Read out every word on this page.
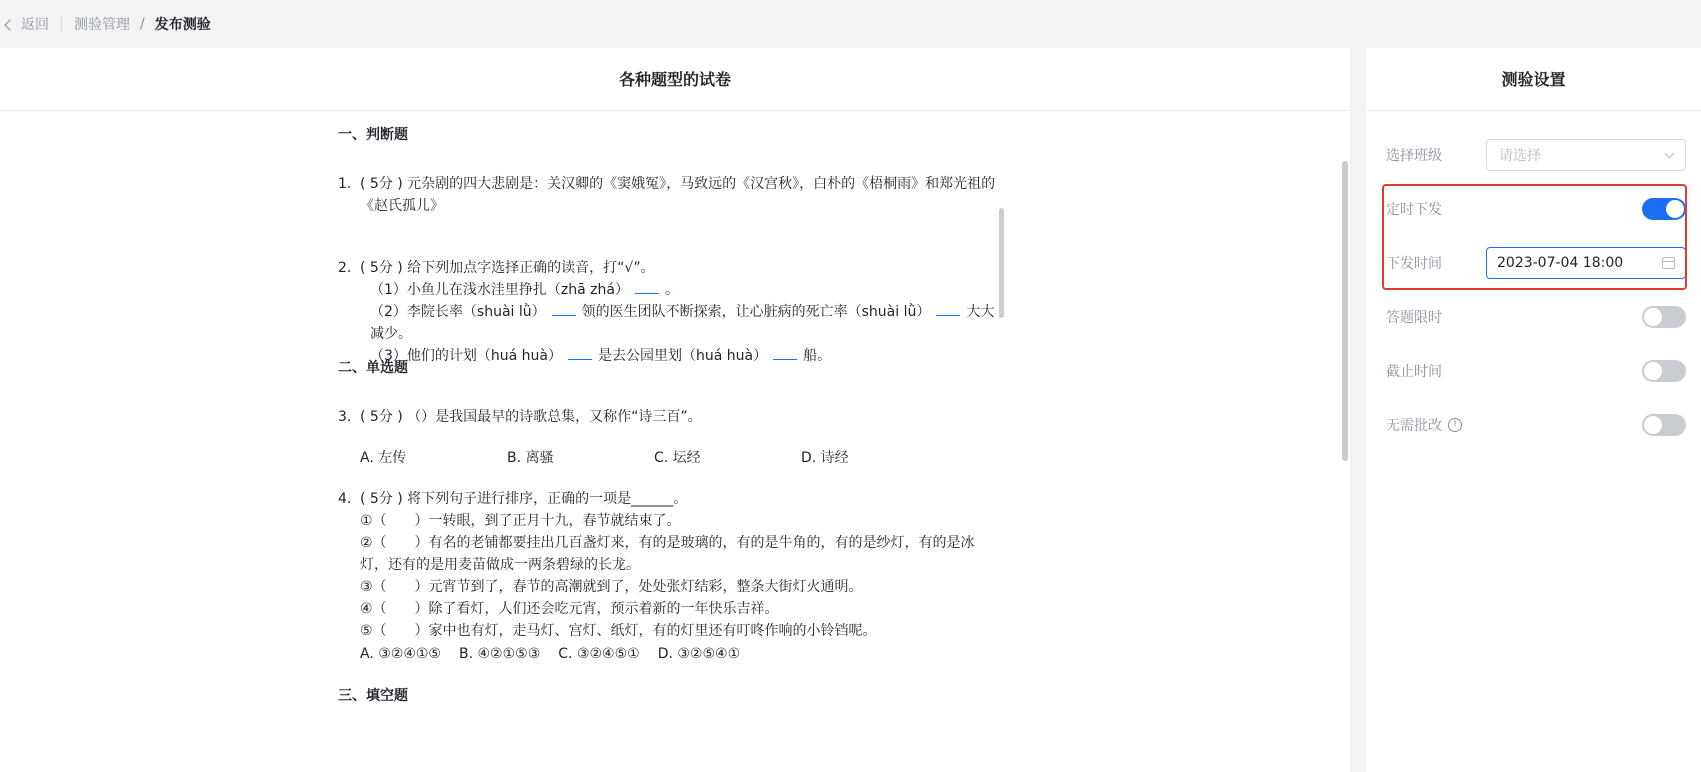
返回 测验管理 / 发布测验
各种题型的试卷
一、判断题
1. ( 5分 ) 元杂剧的四大悲剧是：关汉卿的《窦娥冤》，马致远的《汉宫秋》，白朴的《梧桐雨》和郑光祖的《赵氏孤儿》
2. ( 5分 ) 给下列加点字选择正确的读音，打“√”。
（1）小鱼儿在浅水洼里挣扎（zhā zhá）	。
（2）李院长率（shuài lǜ）	领的医生团队不断探索，让心脏病的死亡率（shuài lǜ）	大大减少。
（3）他们的计划（huá huà）	是去公园里划（huá huà）	船。
二、单选题
3. ( 5分 ) （）是我国最早的诗歌总集，又称作“诗三百”。
A. 左传	B. 离骚	C. 坛经	D. 诗经
4. ( 5分 ) 将下列句子进行排序，正确的一项是______。
①（　　）一转眼，到了正月十九，春节就结束了。
②（　　）有名的老铺都要挂出几百盏灯来，有的是玻璃的，有的是牛角的，有的是纱灯，有的是冰灯，还有的是用麦苗做成一两条碧绿的长龙。
③（　　）元宵节到了，春节的高潮就到了，处处张灯结彩，整条大街灯火通明。
④（　　）除了看灯，人们还会吃元宵，预示着新的一年快乐吉祥。
⑤（　　）家中也有灯，走马灯、宫灯、纸灯，有的灯里还有叮咚作响的小铃铛呢。
A. ③②④①⑤ B. ④②①⑤③ C. ③②④⑤① D. ③②⑤④①
三、填空题
测验设置
选择班级	请选择
定时下发
下发时间	2023-07-04 18:00
答题限时
截止时间
无需批改	!
